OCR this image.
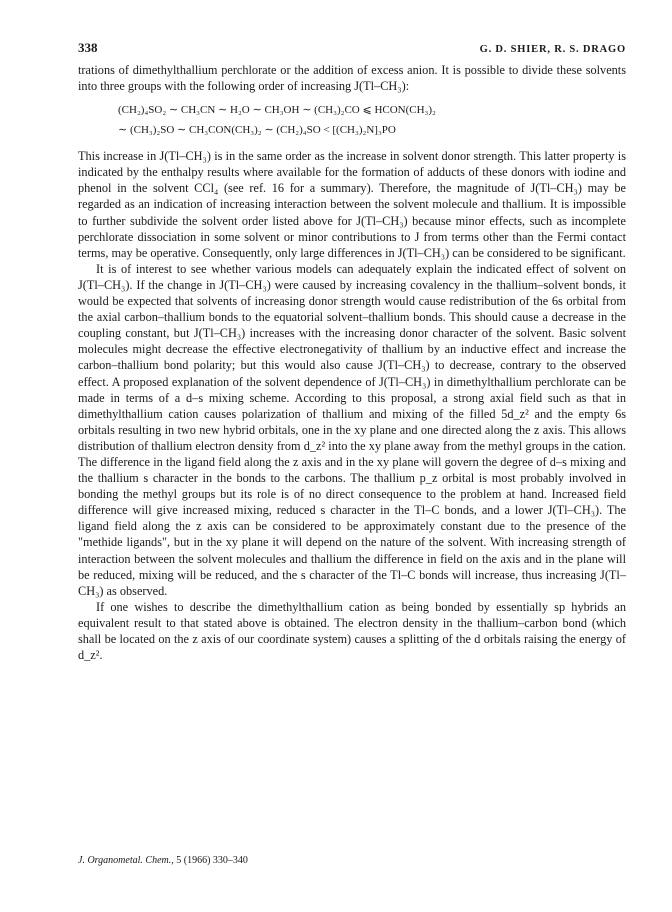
338	G. D. SHIER, R. S. DRAGO

trations of dimethylthallium perchlorate or the addition of excess anion. It is possible to divide these solvents into three groups with the following order of increasing J(Tl–CH₃):

(CH₂)₄SO₂ ∼ CH₃CN ∼ H₂O ∼ CH₃OH ∼ (CH₃)₂CO ⩽ HCON(CH₃)₂
∼ (CH₃)₂SO ∼ CH₃CON(CH₃)₂ ∼ (CH₂)₄SO < [(CH₃)₂N]₃PO

This increase in J(Tl–CH₃) is in the same order as the increase in solvent donor strength. This latter property is indicated by the enthalpy results where available for the formation of adducts of these donors with iodine and phenol in the solvent CCl₄ (see ref. 16 for a summary). Therefore, the magnitude of J(Tl–CH₃) may be regarded as an indication of increasing interaction between the solvent molecule and thallium. It is impossible to further subdivide the solvent order listed above for J(Tl–CH₃) because minor effects, such as incomplete perchlorate dissociation in some solvent or minor contributions to J from terms other than the Fermi contact terms, may be operative. Consequently, only large differences in J(Tl–CH₃) can be considered to be significant.

It is of interest to see whether various models can adequately explain the indicated effect of solvent on J(Tl–CH₃). If the change in J(Tl–CH₃) were caused by increasing covalency in the thallium–solvent bonds, it would be expected that solvents of increasing donor strength would cause redistribution of the 6s orbital from the axial carbon–thallium bonds to the equatorial solvent–thallium bonds. This should cause a decrease in the coupling constant, but J(Tl–CH₃) increases with the increasing donor character of the solvent. Basic solvent molecules might decrease the effective electronegativity of thallium by an inductive effect and increase the carbon–thallium bond polarity; but this would also cause J(Tl–CH₃) to decrease, contrary to the observed effect. A proposed explanation of the solvent dependence of J(Tl–CH₃) in dimethylthallium perchlorate can be made in terms of a d–s mixing scheme. According to this proposal, a strong axial field such as that in dimethylthallium cation causes polarization of thallium and mixing of the filled 5d_z² and the empty 6s orbitals resulting in two new hybrid orbitals, one in the xy plane and one directed along the z axis. This allows distribution of thallium electron density from d_z² into the xy plane away from the methyl groups in the cation. The difference in the ligand field along the z axis and in the xy plane will govern the degree of d–s mixing and the thallium s character in the bonds to the carbons. The thallium p_z orbital is most probably involved in bonding the methyl groups but its role is of no direct consequence to the problem at hand. Increased field difference will give increased mixing, reduced s character in the Tl–C bonds, and a lower J(Tl–CH₃). The ligand field along the z axis can be considered to be approximately constant due to the presence of the "methide ligands", but in the xy plane it will depend on the nature of the solvent. With increasing strength of interaction between the solvent molecules and thallium the difference in field on the axis and in the plane will be reduced, mixing will be reduced, and the s character of the Tl–C bonds will increase, thus increasing J(Tl–CH₃) as observed.

If one wishes to describe the dimethylthallium cation as being bonded by essentially sp hybrids an equivalent result to that stated above is obtained. The electron density in the thallium–carbon bond (which shall be located on the z axis of our coordinate system) causes a splitting of the d orbitals raising the energy of d_z².

J. Organometal. Chem., 5 (1966) 330–340
